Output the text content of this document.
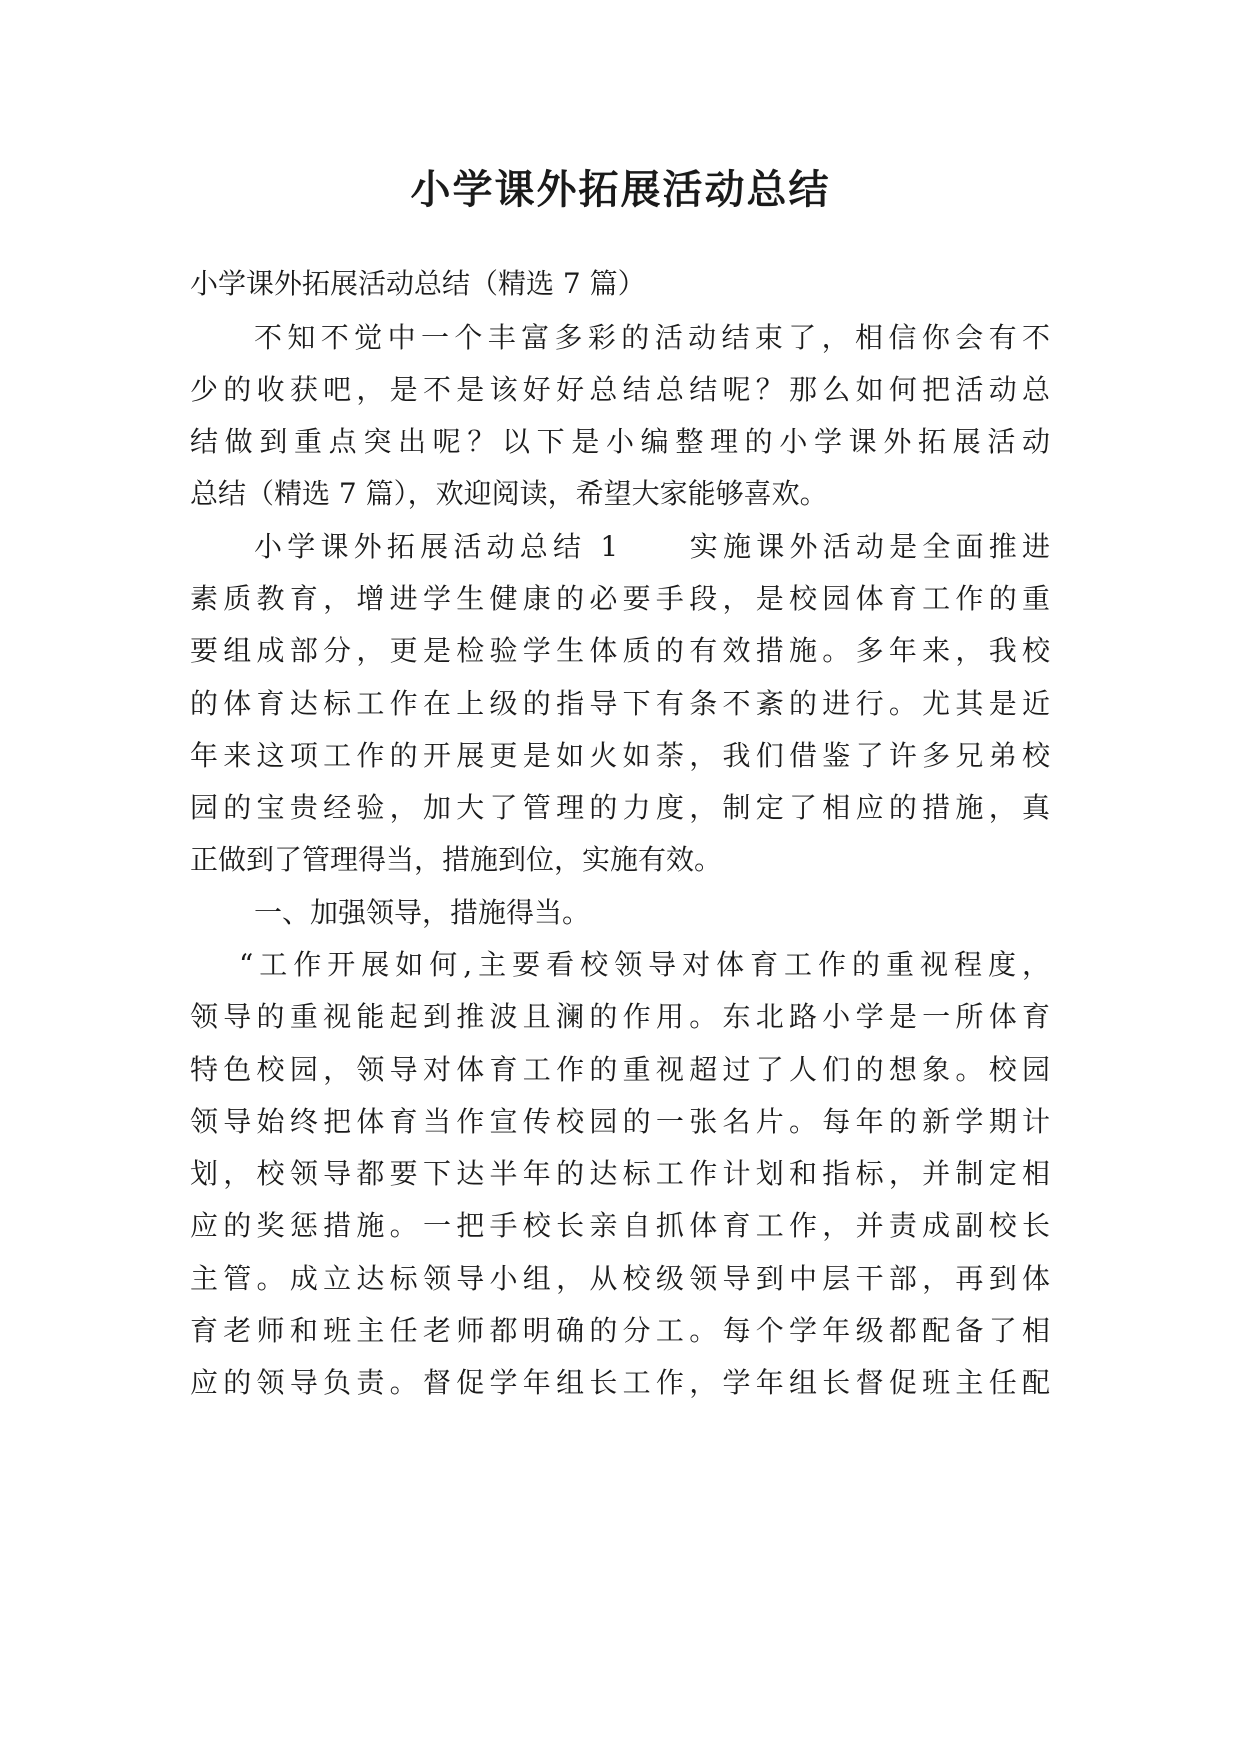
小学课外拓展活动总结
小学课外拓展活动总结（精选 7 篇）
不知不觉中一个丰富多彩的活动结束了，相信你会有不
少的收获吧，是不是该好好总结总结呢？那么如何把活动总
结做到重点突出呢？以下是小编整理的小学课外拓展活动
总结（精选 7 篇），欢迎阅读，希望大家能够喜欢。
小学课外拓展活动总结 1　　实施课外活动是全面推进
素质教育，增进学生健康的必要手段，是校园体育工作的重
要组成部分，更是检验学生体质的有效措施。多年来，我校
的体育达标工作在上级的指导下有条不紊的进行。尤其是近
年来这项工作的开展更是如火如荼，我们借鉴了许多兄弟校
园的宝贵经验，加大了管理的力度，制定了相应的措施，真
正做到了管理得当，措施到位，实施有效。
一、加强领导，措施得当。
“工作开展如何,主要看校领导对体育工作的重视程度，
领导的重视能起到推波且澜的作用。东北路小学是一所体育
特色校园，领导对体育工作的重视超过了人们的想象。校园
领导始终把体育当作宣传校园的一张名片。每年的新学期计
划，校领导都要下达半年的达标工作计划和指标，并制定相
应的奖惩措施。一把手校长亲自抓体育工作，并责成副校长
主管。成立达标领导小组，从校级领导到中层干部，再到体
育老师和班主任老师都明确的分工。每个学年级都配备了相
应的领导负责。督促学年组长工作，学年组长督促班主任配
